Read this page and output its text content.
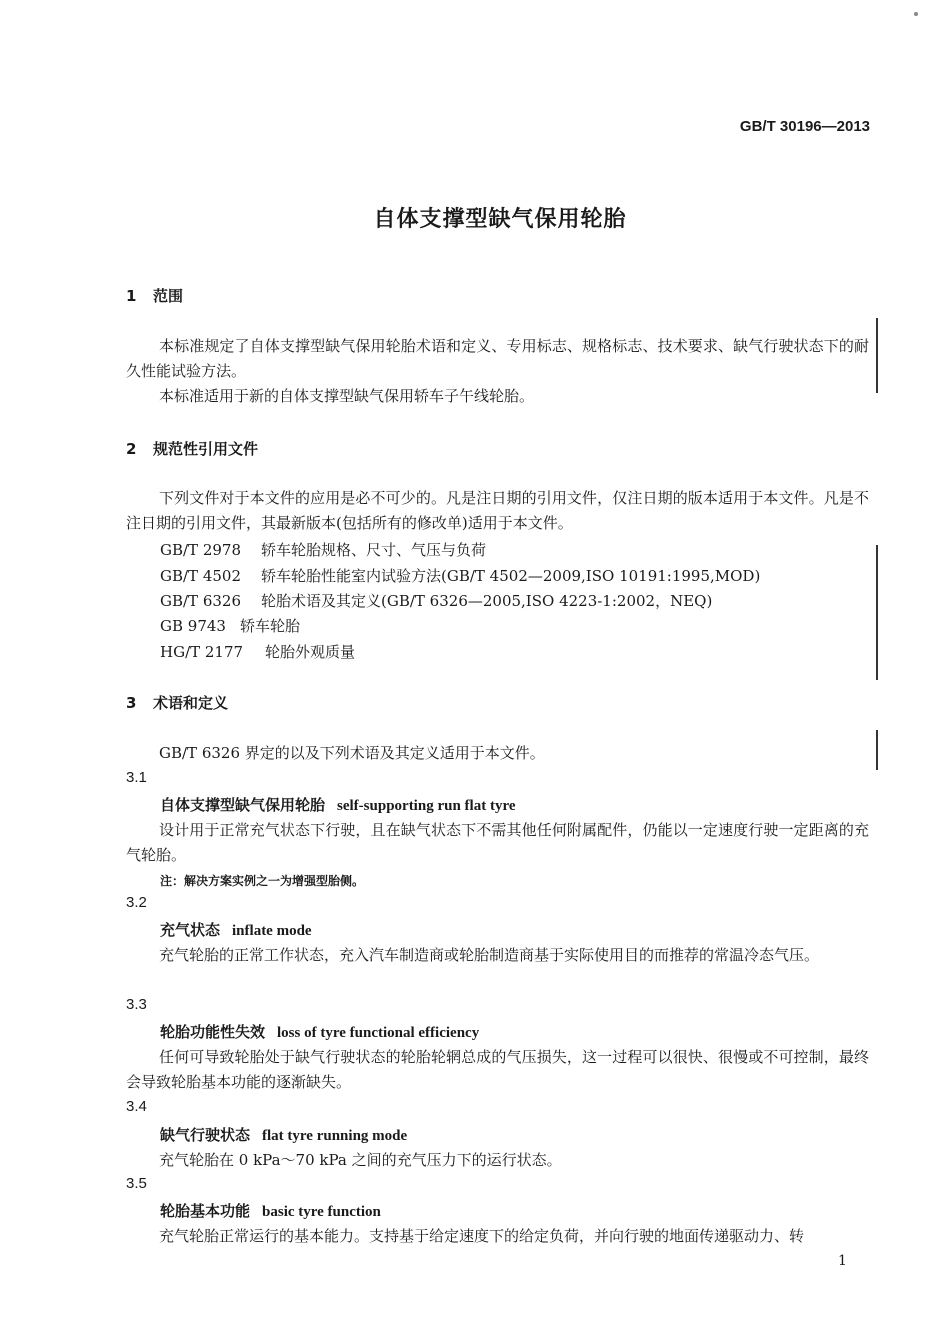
GB/T 30196—2013
自体支撑型缺气保用轮胎
1 范围
本标准规定了自体支撑型缺气保用轮胎术语和定义、专用标志、规格标志、技术要求、缺气行驶状态下的耐久性能试验方法。
本标准适用于新的自体支撑型缺气保用轿车子午线轮胎。
2 规范性引用文件
下列文件对于本文件的应用是必不可少的。凡是注日期的引用文件，仅注日期的版本适用于本文件。凡是不注日期的引用文件，其最新版本(包括所有的修改单)适用于本文件。
GB/T 2978 轿车轮胎规格、尺寸、气压与负荷
GB/T 4502 轿车轮胎性能室内试验方法(GB/T 4502—2009,ISO 10191:1995,MOD)
GB/T 6326 轮胎术语及其定义(GB/T 6326—2005,ISO 4223-1:2002，NEQ)
GB 9743 轿车轮胎
HG/T 2177 轮胎外观质量
3 术语和定义
GB/T 6326 界定的以及下列术语及其定义适用于本文件。
3.1
自体支撑型缺气保用轮胎 self-supporting run flat tyre
设计用于正常充气状态下行驶，且在缺气状态下不需其他任何附属配件，仍能以一定速度行驶一定距离的充气轮胎。
注：解决方案实例之一为增强型胎侧。
3.2
充气状态 inflate mode
充气轮胎的正常工作状态，充入汽车制造商或轮胎制造商基于实际使用目的而推荐的常温冷态气压。
3.3
轮胎功能性失效 loss of tyre functional efficiency
任何可导致轮胎处于缺气行驶状态的轮胎轮辋总成的气压损失，这一过程可以很快、很慢或不可控制，最终会导致轮胎基本功能的逐渐缺失。
3.4
缺气行驶状态 flat tyre running mode
充气轮胎在 0 kPa～70 kPa 之间的充气压力下的运行状态。
3.5
轮胎基本功能 basic tyre function
充气轮胎正常运行的基本能力。支持基于给定速度下的给定负荷，并向行驶的地面传递驱动力、转
1
